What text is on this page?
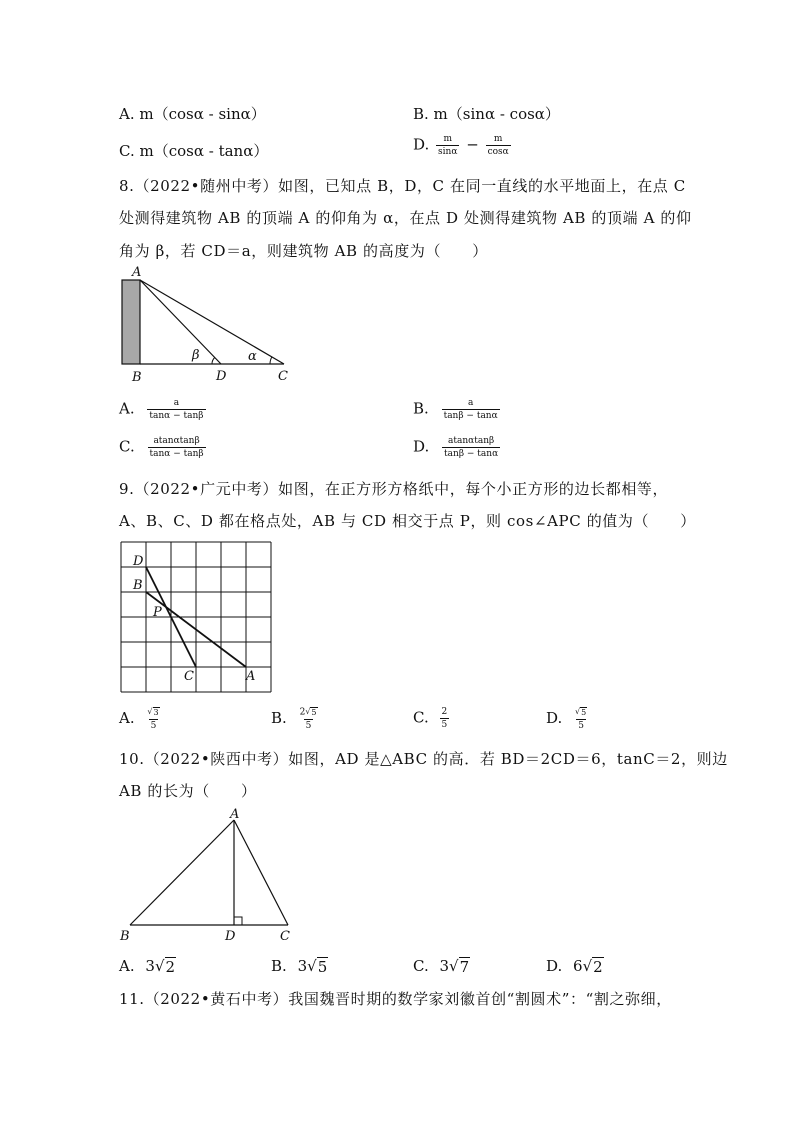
A. m（cosα - sinα）	B. m（sinα - cosα）
C. m（cosα - tanα）	D. $\frac{m}{\sin\alpha} - \frac{m}{\cos\alpha}$
8.（2022•随州中考）如图，已知点 B，D，C 在同一直线的水平地面上，在点 C
处测得建筑物 AB 的顶端 A 的仰角为 α，在点 D 处测得建筑物 AB 的顶端 A 的仰
角为 β，若 CD＝a，则建筑物 AB 的高度为（　　）
A
B	D	C
β	α
A. $\frac{a}{\tan\alpha - \tan\beta}$	B. $\frac{a}{\tan\beta - \tan\alpha}$
C. $\frac{atan\alpha\tan\beta}{\tan\alpha - \tan\beta}$	D. $\frac{atan\alpha\tan\beta}{\tan\beta - \tan\alpha}$
9.（2022•广元中考）如图，在正方形方格纸中，每个小正方形的边长都相等，
A、B、C、D 都在格点处，AB 与 CD 相交于点 P，则 cos∠APC 的值为（　　）
D
B
P
C	A
A. $\frac{√ 3}{5}$	B. $\frac{2√ 5}{5}$	C. $\frac{2}{5}$	D. $\frac{√ 5}{5}$
10.（2022•陕西中考）如图，AD 是△ABC 的高．若 BD＝2CD＝6，tanC＝2，则边
AB 的长为（　　）
A
B	D	C
A. 3√ 2	B. 3√ 5	C. 3√ 7	D. 6√ 2
11.（2022•黄石中考）我国魏晋时期的数学家刘徽首创“割圆术”：“割之弥细，
